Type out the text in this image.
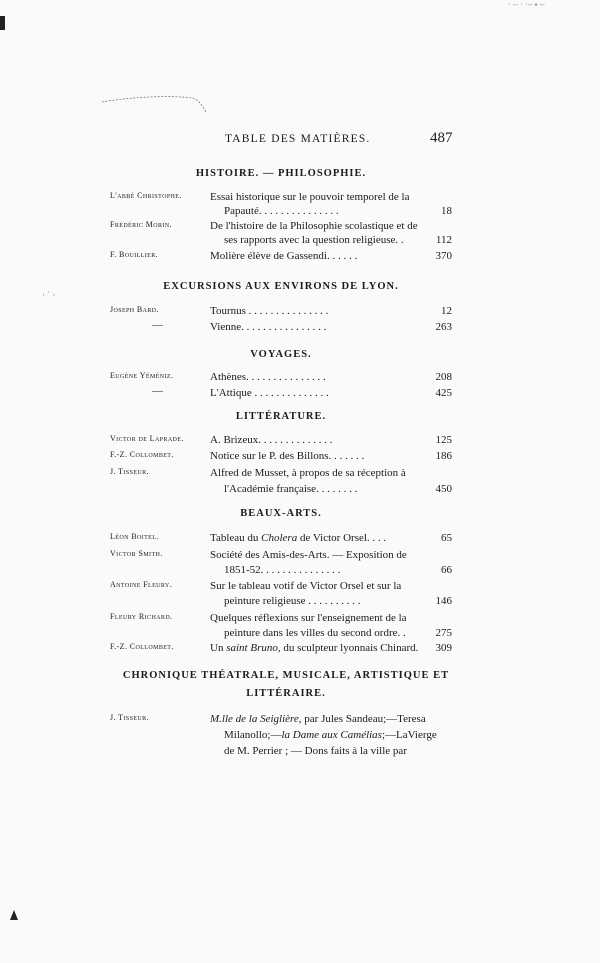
· ˙ ·
· -- · ·-- ▪ --
TABLE DES MATIÈRES.	487
HISTOIRE. — PHILOSOPHIE.
L'abbé Christophe.	Essai historique sur le pouvoir temporel de la
Papauté. . . . . . . . . . . . . . .	18
Frédéric Morin.	De l'histoire de la Philosophie scolastique et de
ses rapports avec la question religieuse. .	112
F. Bouillier.	Molière élève de Gassendi. . . . . .	370
EXCURSIONS AUX ENVIRONS DE LYON.
Joseph Bard.	Tournus . . . . . . . . . . . . . . .	12
—	Vienne. . . . . . . . . . . . . . . .	263
VOYAGES.
Eugène Yéméniz.	Athènes. . . . . . . . . . . . . . .	208
—	L'Attique . . . . . . . . . . . . . .	425
LITTÉRATURE.
Victor de Laprade. A. Brizeux. . . . . . . . . . . . . .	125
F.-Z. Collombet.	Notice sur le P. des Billons. . . . . . .	186
J. Tisseur.	Alfred de Musset, à propos de sa réception à
l'Académie française. . . . . . . .	450
BEAUX-ARTS.
Léon Boitel.	Tableau du Cholera de Victor Orsel. . . .	65
Victor Smith.	Société des Amis-des-Arts. — Exposition de
1851-52. . . . . . . . . . . . . . .	66
Antoine Fleury.	Sur le tableau votif de Victor Orsel et sur la
peinture religieuse . . . . . . . . . .	146
Fleury Richard.	Quelques réflexions sur l'enseignement de la
peinture dans les villes du second ordre. .	275
F.-Z. Collombet.	Un saint Bruno, du sculpteur lyonnais Chinard.	309
CHRONIQUE THÉATRALE, MUSICALE, ARTISTIQUE ET
LITTÉRAIRE.
J. Tisseur.	M.lle de la Seiglière, par Jules Sandeau;—Teresa
Milanollo;—la Dame aux Camélias;—LaVierge
de M. Perrier ; — Dons faits à la ville par
